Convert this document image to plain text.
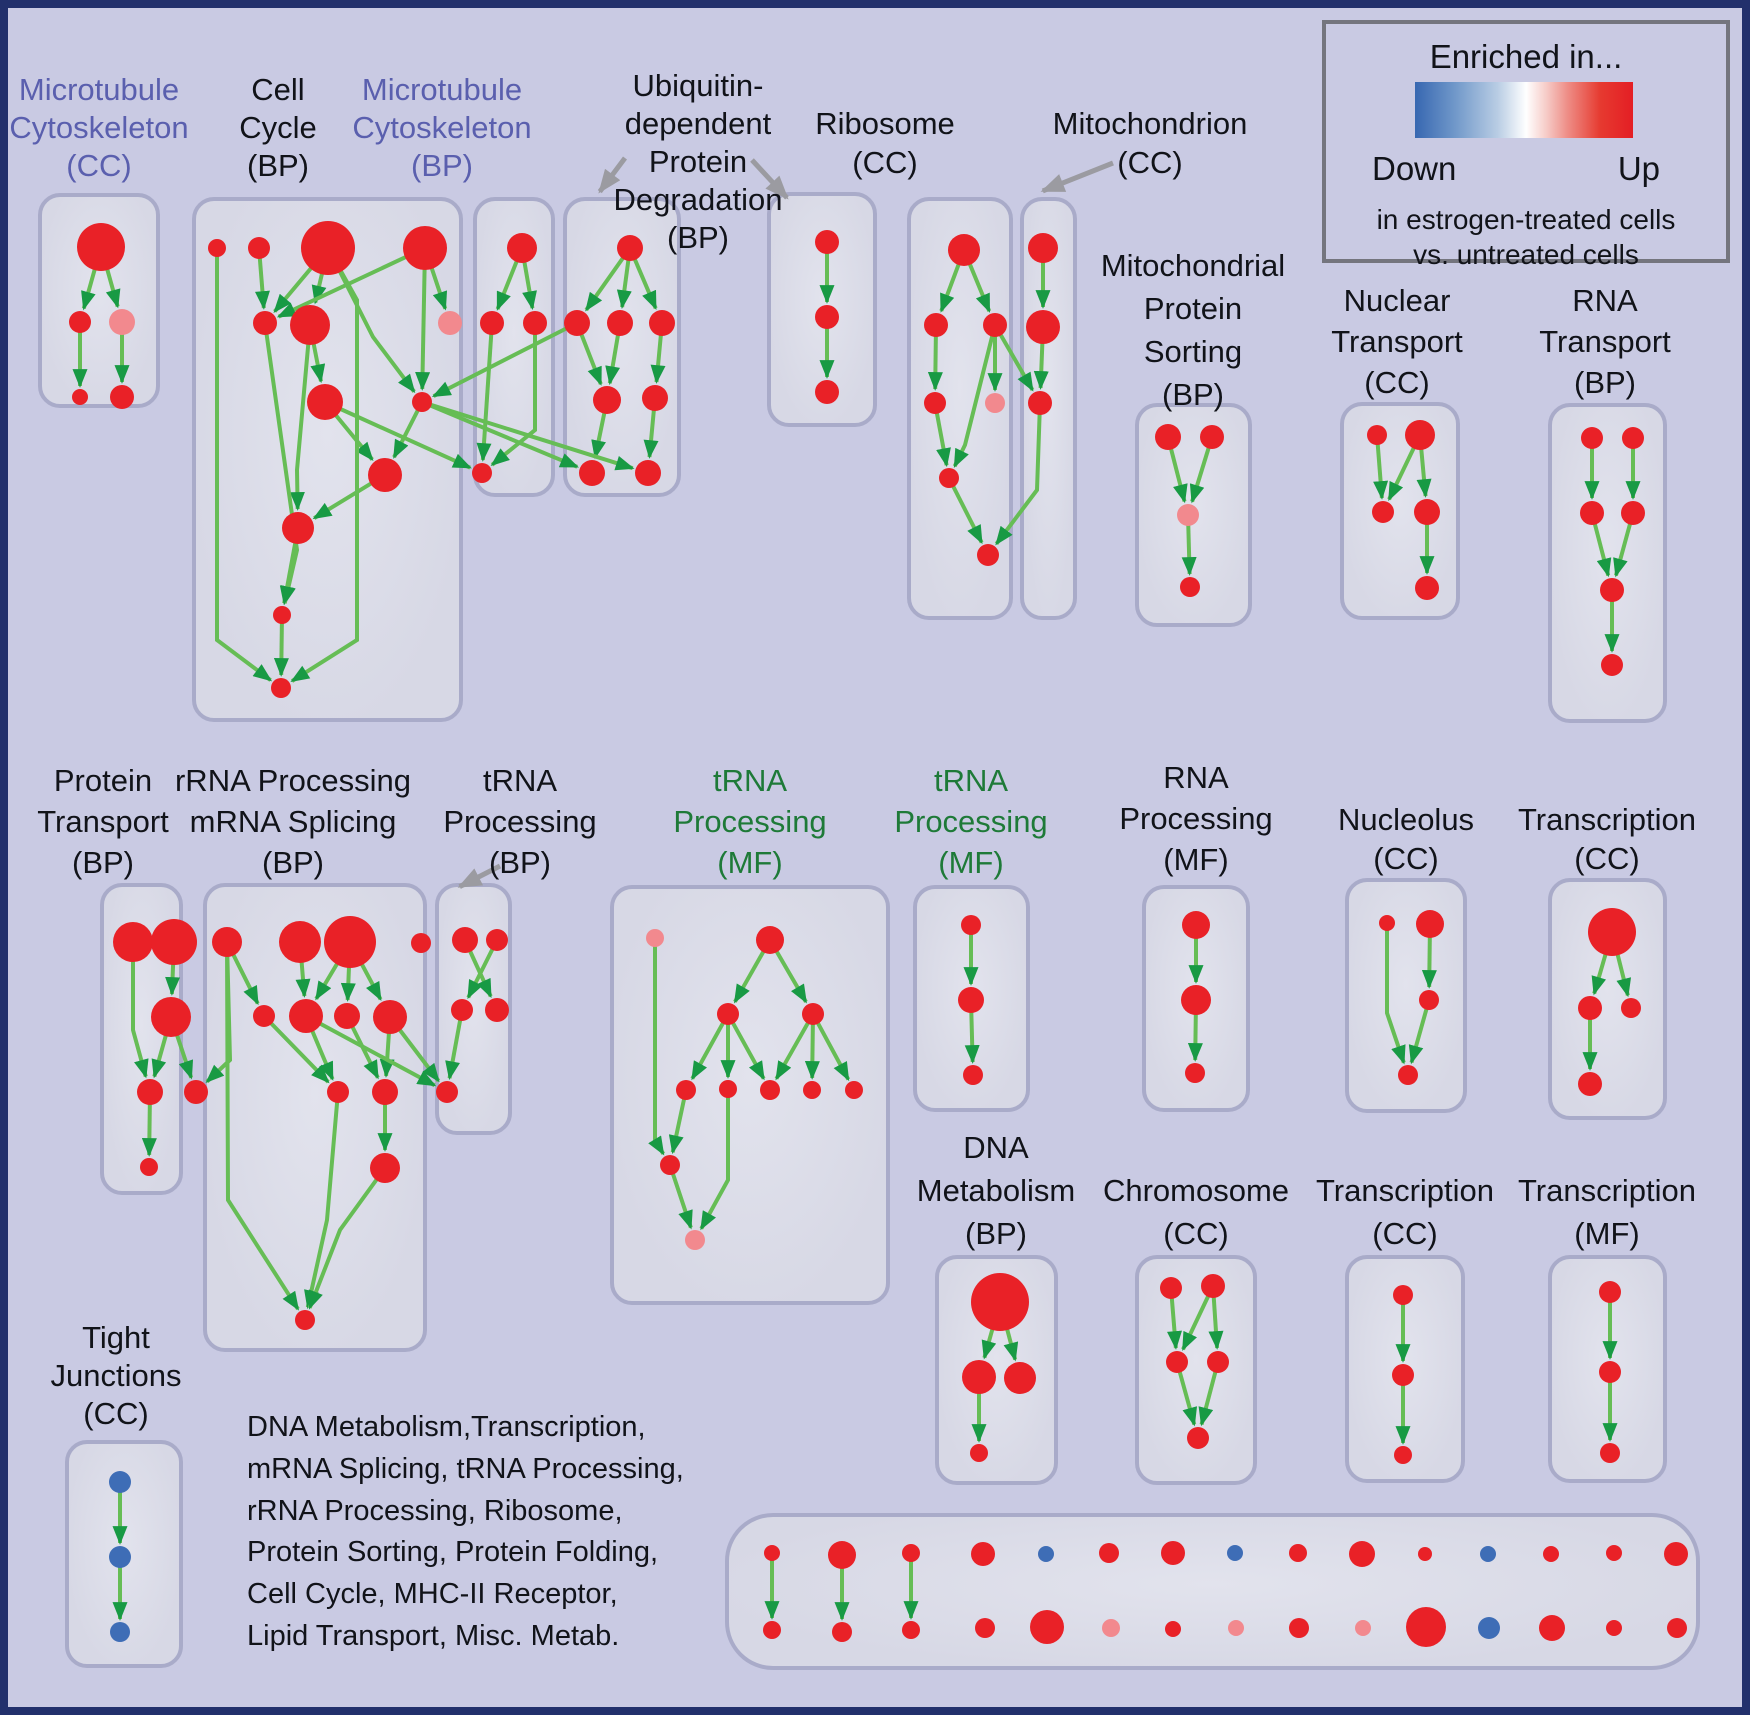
Enriched in...
Down	Up
in estrogen-treated cells
vs. untreated cells
DNA Metabolism,Transcription,
mRNA Splicing, tRNA Processing,
rRNA Processing, Ribosome,
Protein Sorting, Protein Folding,
Cell Cycle, MHC-II Receptor,
Lipid Transport, Misc. Metab.
Microtubule
Cytoskeleton
(CC)
Cell
Cycle
(BP)
Microtubule
Cytoskeleton
(BP)
Ubiquitin-
dependent
Protein
Degradation
(BP)
Ribosome
(CC)
Mitochondrion
(CC)
Mitochondrial
Protein
Sorting
(BP)
Nuclear
Transport
(CC)
RNA
Transport
(BP)
Protein
Transport
(BP)
rRNA Processing
mRNA Splicing
(BP)
tRNA
Processing
(BP)
tRNA
Processing
(MF)
tRNA
Processing
(MF)
RNA
Processing
(MF)
Nucleolus
(CC)
Transcription
(CC)
DNA
Metabolism
(BP)
Chromosome
(CC)
Transcription
(CC)
Transcription
(MF)
Tight
Junctions
(CC)
